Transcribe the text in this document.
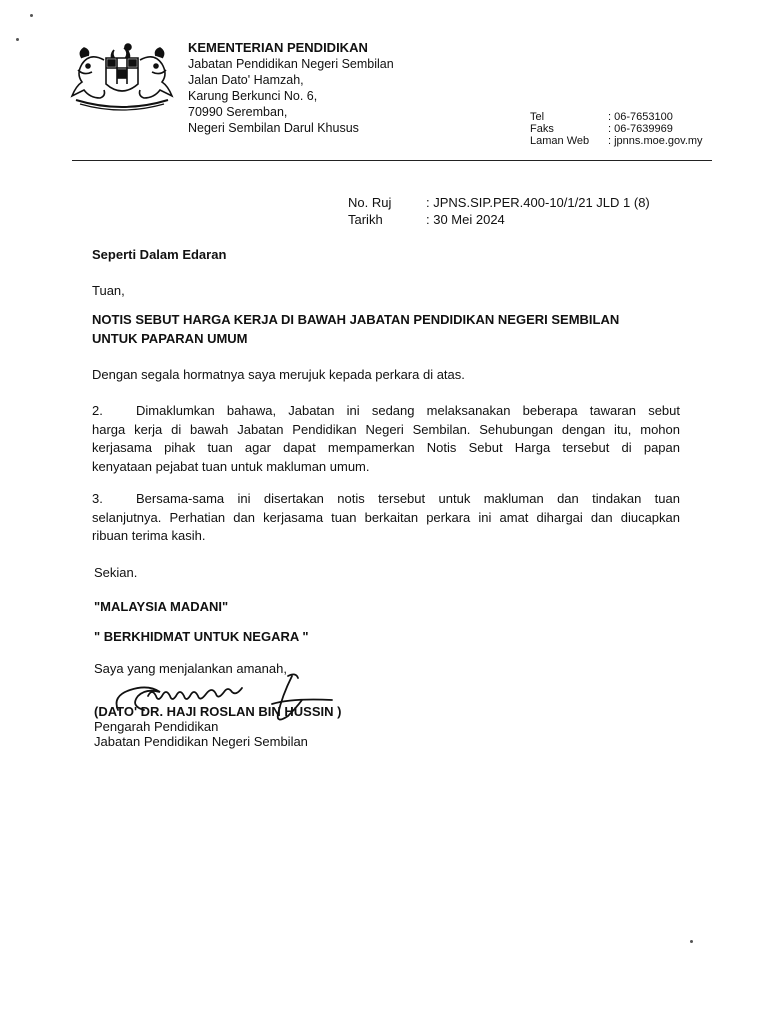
KEMENTERIAN PENDIDIKAN
Jabatan Pendidikan Negeri Sembilan
Jalan Dato' Hamzah,
Karung Berkunci No. 6,
70990 Seremban,
Negeri Sembilan Darul Khusus
Tel	: 06-7653100
Faks	: 06-7639969
Laman Web	: jpnns.moe.gov.my
No. Ruj	: JPNS.SIP.PER.400-10/1/21 JLD 1 (8)
Tarikh	: 30 Mei 2024
Seperti Dalam Edaran
Tuan,
NOTIS SEBUT HARGA KERJA DI BAWAH JABATAN PENDIDIKAN NEGERI SEMBILAN
UNTUK PAPARAN UMUM
Dengan segala hormatnya saya merujuk kepada perkara di atas.
2.	Dimaklumkan bahawa, Jabatan ini sedang melaksanakan beberapa tawaran sebut
harga kerja di bawah Jabatan Pendidikan Negeri Sembilan. Sehubungan dengan itu, mohon
kerjasama pihak tuan agar dapat mempamerkan Notis Sebut Harga tersebut di papan
kenyataan pejabat tuan untuk makluman umum.
3.	Bersama-sama ini disertakan notis tersebut untuk makluman dan tindakan tuan
selanjutnya. Perhatian dan kerjasama tuan berkaitan perkara ini amat dihargai dan diucapkan
ribuan terima kasih.
Sekian.
"MALAYSIA MADANI"
" BERKHIDMAT UNTUK NEGARA "
Saya yang menjalankan amanah,
(DATO' DR. HAJI ROSLAN BIN HUSSIN )
Pengarah Pendidikan
Jabatan Pendidikan Negeri Sembilan
